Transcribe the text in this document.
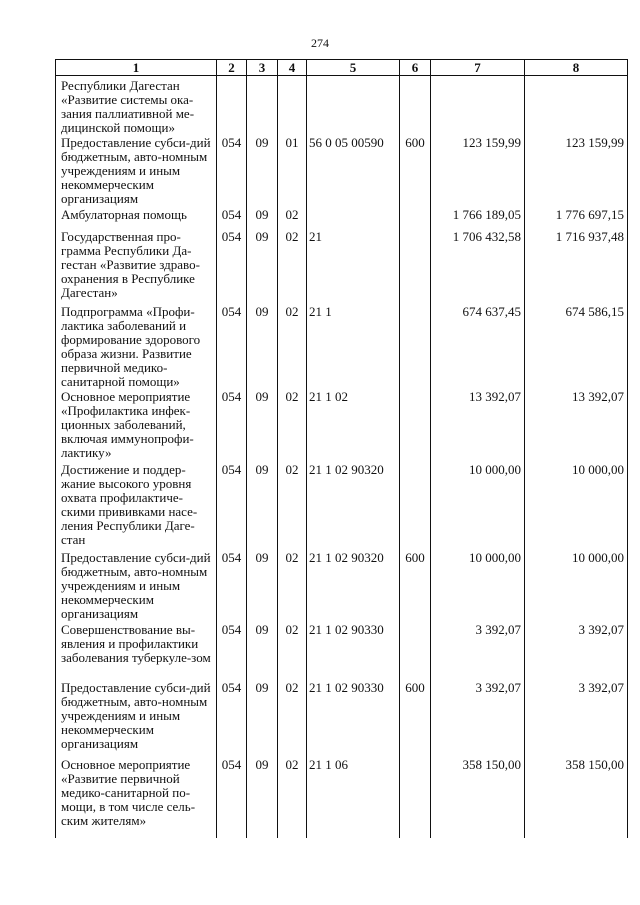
274
1	2	3	4	5	6	7	8
Республики Дагестан «Развитие системы ока-зания паллиативной ме-дицинской помощи»							
Предоставление субси-дий бюджетным, авто-номным учреждениям и иным некоммерческим организациям	054	09	01	56 0 05 00590	600	123 159,99	123 159,99
Амбулаторная помощь	054	09	02			1 766 189,05	1 776 697,15
Государственная про-грамма Республики Да-гестан «Развитие здраво-охранения в Республике Дагестан»	054	09	02	21		1 706 432,58	1 716 937,48
Подпрограмма «Профи-лактика заболеваний и формирование здорового образа жизни. Развитие первичной медико-санитарной помощи»	054	09	02	21 1		674 637,45	674 586,15
Основное мероприятие «Профилактика инфек-ционных заболеваний, включая иммунопрофи-лактику»	054	09	02	21 1 02		13 392,07	13 392,07
Достижение и поддер-жание высокого уровня охвата профилактиче-скими прививками насе-ления Республики Даге-стан	054	09	02	21 1 02 90320		10 000,00	10 000,00
Предоставление субси-дий бюджетным, авто-номным учреждениям и иным некоммерческим организациям	054	09	02	21 1 02 90320	600	10 000,00	10 000,00
Совершенствование вы-явления и профилактики заболевания туберкуле-зом	054	09	02	21 1 02 90330		3 392,07	3 392,07
Предоставление субси-дий бюджетным, авто-номным учреждениям и иным некоммерческим организациям	054	09	02	21 1 02 90330	600	3 392,07	3 392,07
Основное мероприятие «Развитие первичной медико-санитарной по-мощи, в том числе сель-ским жителям»	054	09	02	21 1 06		358 150,00	358 150,00
